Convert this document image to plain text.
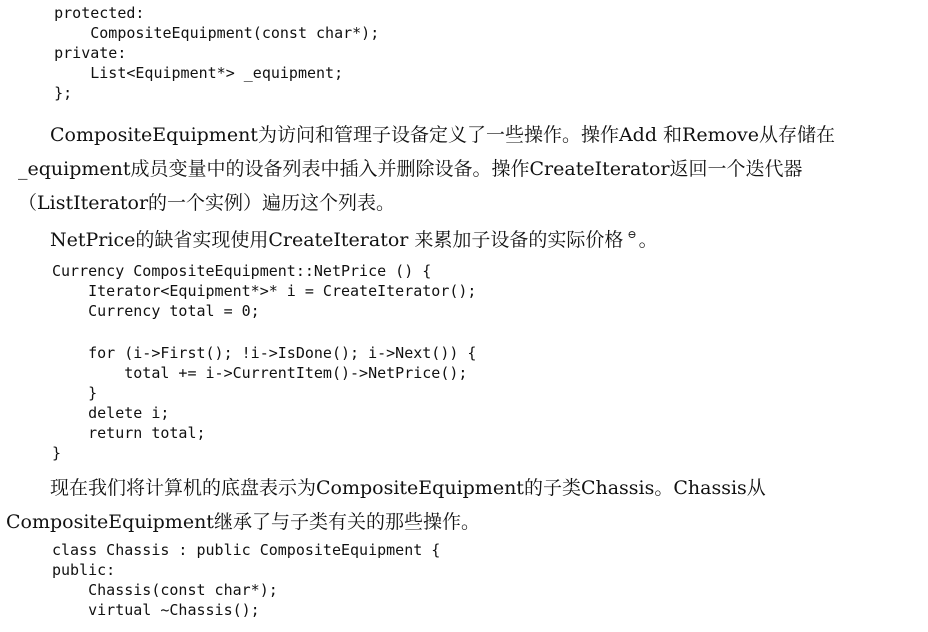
protected:
CompositeEquipment(const char*);
private:
List<Equipment*> _equipment;
};
CompositeEquipment为访问和管理子设备定义了一些操作。操作Add 和Remove从存储在
_equipment成员变量中的设备列表中插入并删除设备。操作CreateIterator返回一个迭代器
（ListIterator的一个实例）遍历这个列表。
NetPrice的缺省实现使用CreateIterator 来累加子设备的实际价格 ⊖ 。
Currency CompositeEquipment::NetPrice () {
Iterator<Equipment*>* i = CreateIterator();
Currency total = 0;
for (i->First(); !i->IsDone(); i->Next()) {
total += i->CurrentItem()->NetPrice();
}
delete i;
return total;
}
现在我们将计算机的底盘表示为CompositeEquipment的子类Chassis。Chassis从
CompositeEquipment继承了与子类有关的那些操作。
class Chassis : public CompositeEquipment {
public:
Chassis(const char*);
virtual ~Chassis();
